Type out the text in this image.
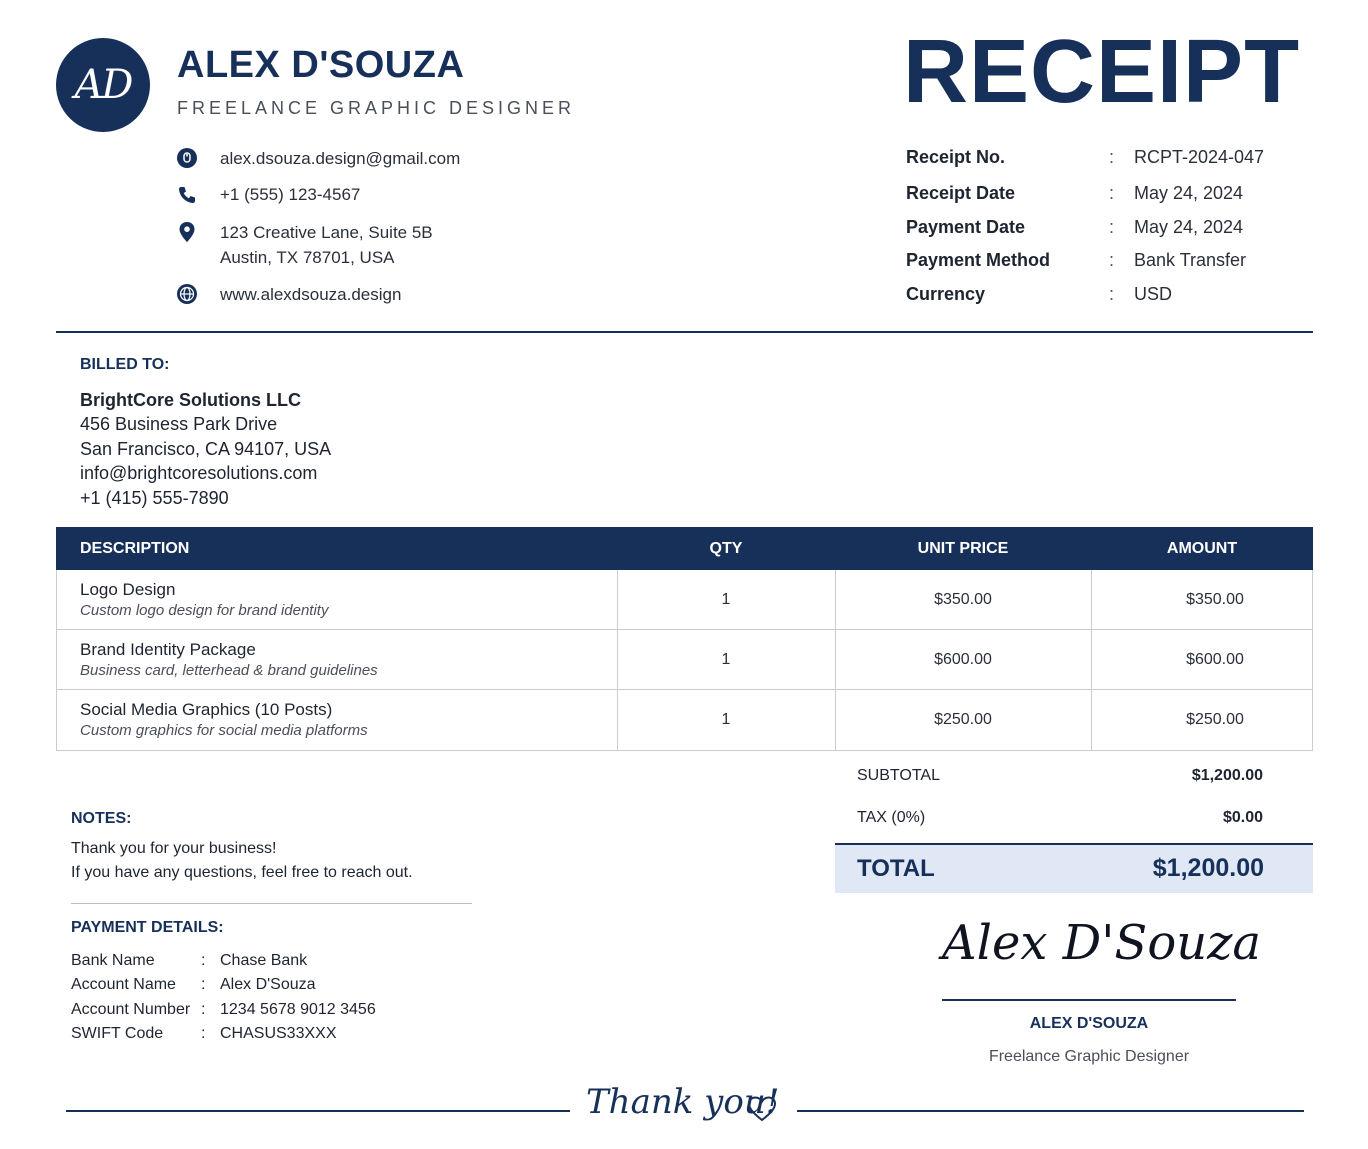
AD ALEX D'SOUZA
FREELANCE GRAPHIC DESIGNER
alex.dsouza.design@gmail.com
+1 (555) 123-4567
123 Creative Lane, Suite 5B
Austin, TX 78701, USA
www.alexdsouza.design
RECEIPT
Receipt No.	: RCPT-2024-047
Receipt Date	: May 24, 2024
Payment Date	: May 24, 2024
Payment Method	: Bank Transfer
Currency	: USD
BILLED TO:
BrightCore Solutions LLC
456 Business Park Drive
San Francisco, CA 94107, USA
info@brightcoresolutions.com
+1 (415) 555-7890
DESCRIPTION	QTY	UNIT PRICE	AMOUNT
Logo Design
Custom logo design for brand identity
1	$350.00	$350.00
Brand Identity Package
Business card, letterhead & brand guidelines
1	$600.00	$600.00
Social Media Graphics (10 Posts)
Custom graphics for social media platforms
1	$250.00	$250.00
SUBTOTAL	$1,200.00
TAX (0%)	$0.00
TOTAL	$1,200.00
NOTES:
Thank you for your business!
If you have any questions, feel free to reach out.
PAYMENT DETAILS:
Bank Name	: Chase Bank
Account Name : Alex D'Souza
Account Number : 1234 5678 9012 3456
SWIFT Code : CHASUS33XXX
Alex D'Souza
ALEX D'SOUZA
Freelance Graphic Designer
Thank you!
